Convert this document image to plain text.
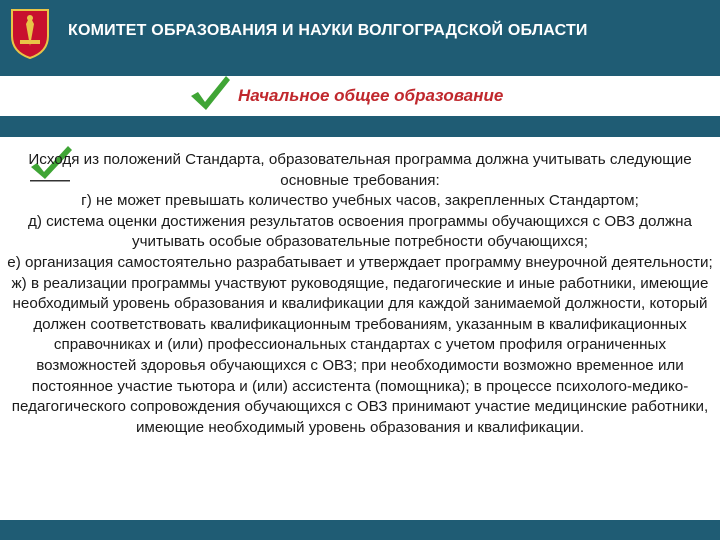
КОМИТЕТ ОБРАЗОВАНИЯ И НАУКИ ВОЛГОГРАДСКОЙ ОБЛАСТИ
Начальное общее образование
Исходя из положений Стандарта, образовательная программа должна учитывать следующие основные требования:
г) не может превышать количество учебных часов, закрепленных Стандартом;
д) система оценки достижения результатов освоения программы обучающихся с ОВЗ должна учитывать особые образовательные потребности обучающихся;
е) организация самостоятельно разрабатывает и утверждает программу внеурочной деятельности;
ж) в реализации программы участвуют руководящие, педагогические и иные работники, имеющие необходимый уровень образования и квалификации для каждой занимаемой должности, который должен соответствовать квалификационным требованиям, указанным в квалификационных справочниках и (или) профессиональных стандартах с учетом профиля ограниченных возможностей здоровья обучающихся с ОВЗ; при необходимости возможно временное или постоянное участие тьютора и (или) ассистента (помощника); в процессе психолого-медико-педагогического сопровождения обучающихся с ОВЗ принимают участие медицинские работники, имеющие необходимый уровень образования и квалификации.
